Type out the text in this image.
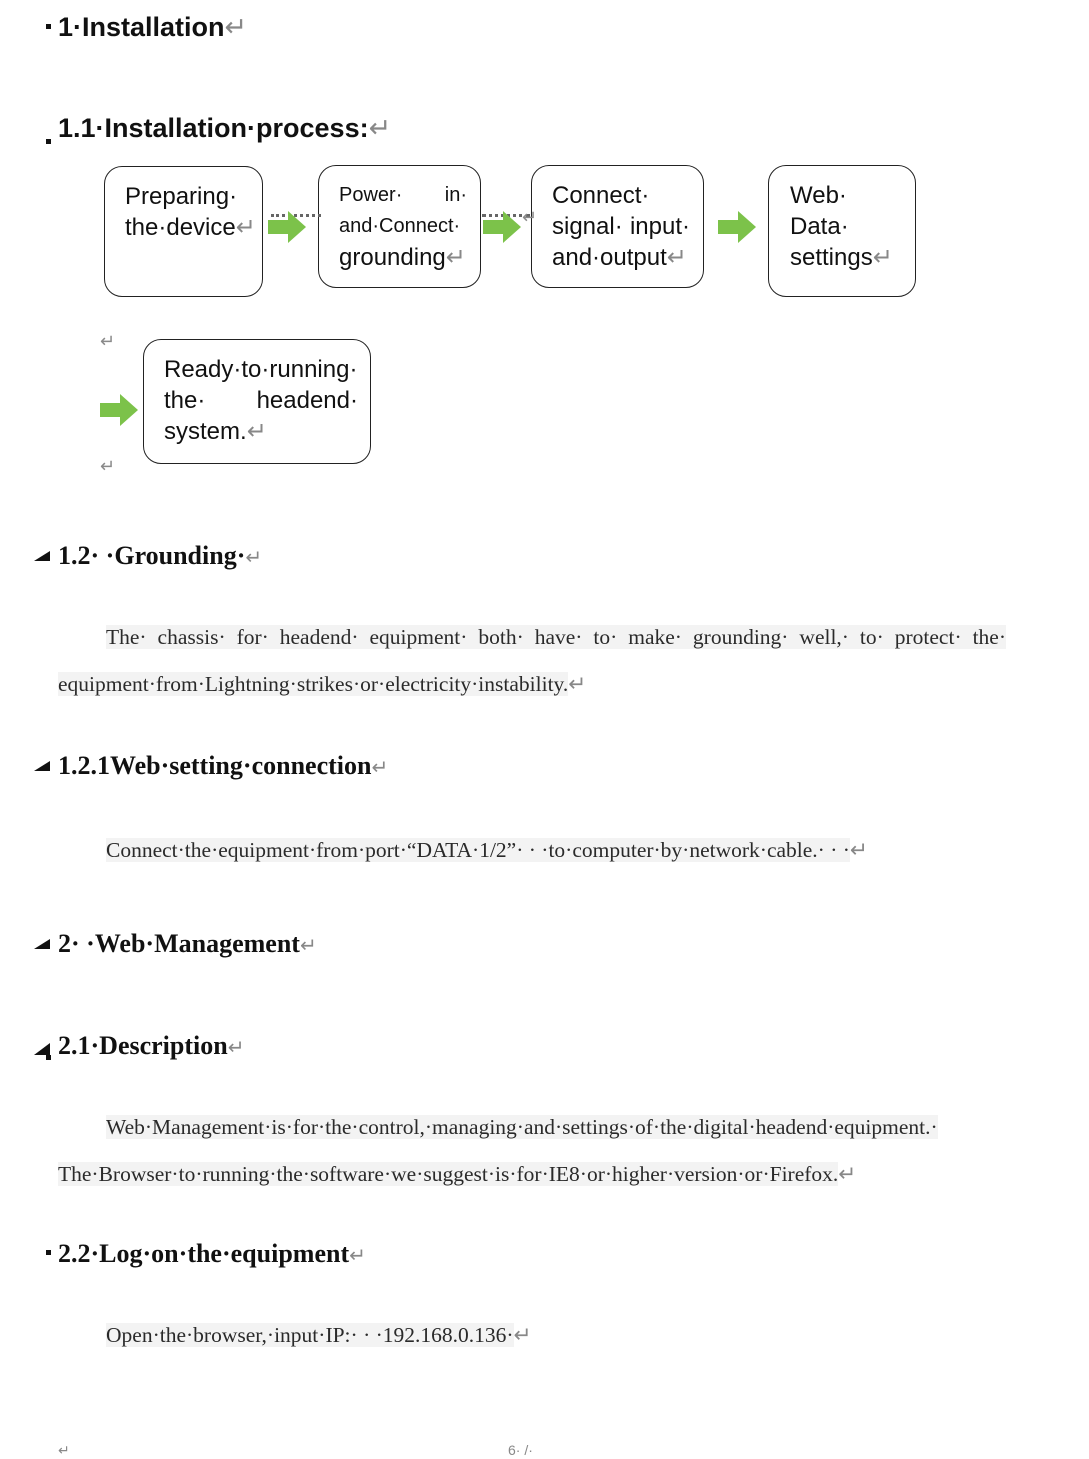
1·Installation↵
1.1·Installation·process:↵
Preparing·
the·device↵
Power· in·
and·Connect·
grounding↵
Connect·
signal· input·
and·output↵
Web·
Data·
settings↵
Ready·to·running·
the· headend·
system.↵
↵
↵
↵
1.2· ·Grounding·↵
The· chassis· for· headend· equipment· both· have· to· make· grounding· well,· to· protect· the·
equipment·from·Lightning·strikes·or·electricity·instability.↵
1.2.1Web·setting·connection↵
Connect·the·equipment·from·port·“DATA·1/2”· · ·to·computer·by·network·cable.· · ·↵
2· ·Web·Management↵
2.1·Description↵
Web·Management·is·for·the·control,·managing·and·settings·of·the·digital·headend·equipment.·
The·Browser·to·running·the·software·we·suggest·is·for·IE8·or·higher·version·or·Firefox.↵
2.2·Log·on·the·equipment↵
Open·the·browser,·input·IP:· · ·192.168.0.136·↵
↵	6· /·
